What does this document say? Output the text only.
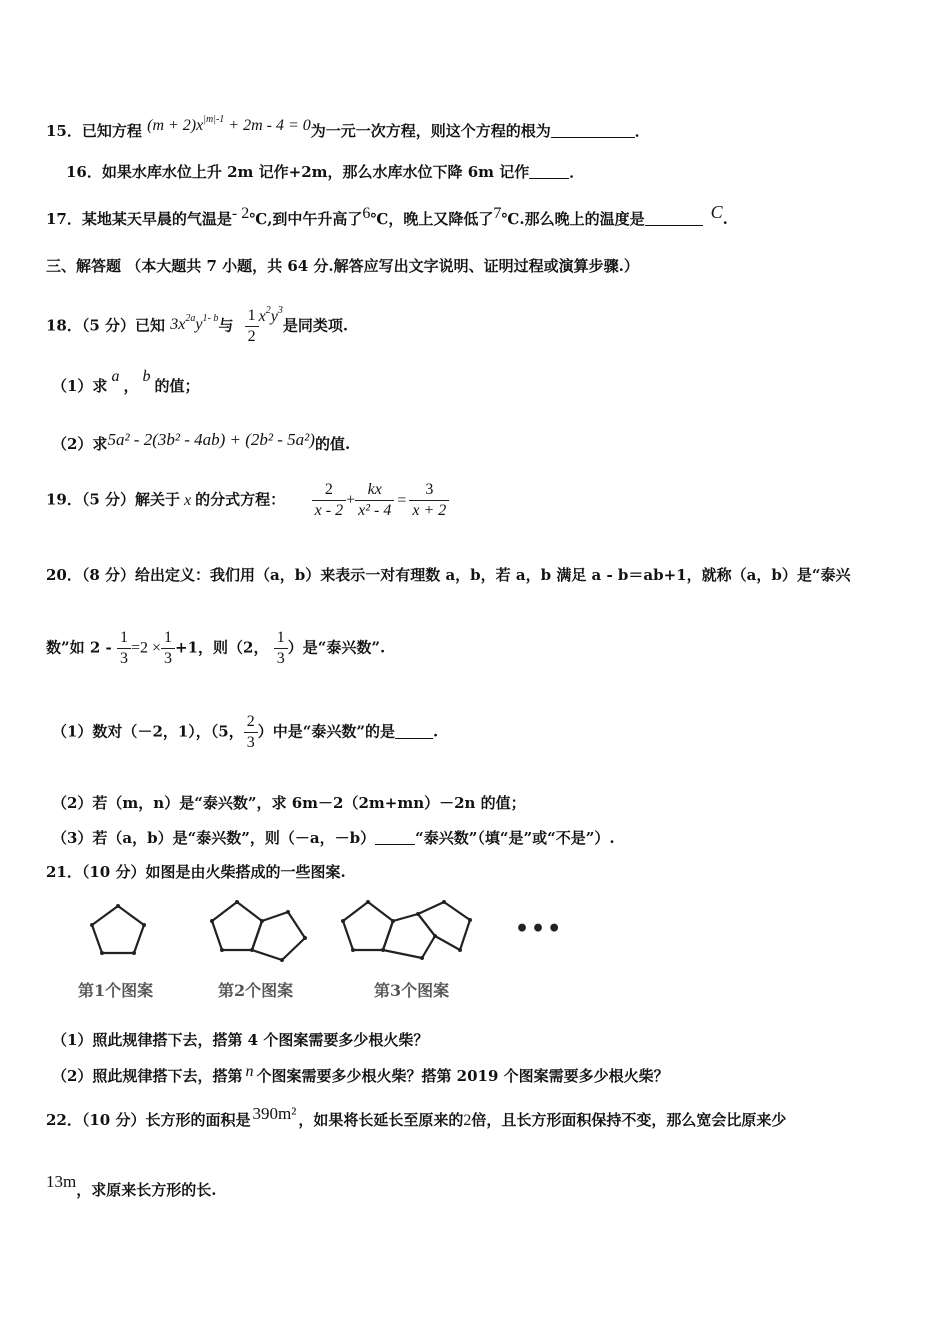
15．已知方程 $(m + 2)x^{|m|-1} + 2m - 4 = 0$为一元一次方程，则这个方程的根为	．
16．如果水库水位上升 2m 记作+2m，那么水库水位下降 6m 记作	．
17．某地某天早晨的气温是- 2℃,到中午升高了6℃，晚上又降低了7℃.那么晚上的温度是	C.
三、解答题 （本大题共 7 小题，共 64 分.解答应写出文字说明、证明过程或演算步骤.）
18．（5 分）已知 $3x^{2a}y^{1- b}$与 $\frac{1}{2} x^2y^3$是同类项.
（1）求a，b的值；
（2）求5a² - 2(3b² - 4ab) + (2b² - 5a²)的值.
19．（5 分）解关于 x 的分式方程： $\frac{2}{x - 2} + \frac{kx}{\text{x² - 4}} = \frac{3}{x + 2}$
20．（8 分）给出定义：我们用（a，b）来表示一对有理数 a，b，若 a，b 满足 a - b＝ab+1，就称（a，b）是“泰兴
数”如 $2 - \frac{1}{3} =2 \times \frac{1}{3} +1$，则（2， $\frac{1}{3}$ ）是“泰兴数”.
（1）数对（－2，1），（5， $\frac{2}{3}$ ）中是“泰兴数”的是	.
（2）若（m，n）是“泰兴数”，求 6m－2（2m+mn）－2n 的值；
（3）若（a，b）是“泰兴数”，则（－a，－b）	“泰兴数”（填“是”或“不是”）.
21．（10 分）如图是由火柴搭成的一些图案.
•••
第1个图案	第2个图案	第3个图案
（1）照此规律搭下去，搭第 4 个图案需要多少根火柴？
（2）照此规律搭下去，搭第 n 个图案需要多少根火柴？搭第 2019 个图案需要多少根火柴？
22．（10 分）长方形的面积是 390m² ，如果将长延长至原来的2倍，且长方形面积保持不变，那么宽会比原来少
13m，求原来长方形的长.
